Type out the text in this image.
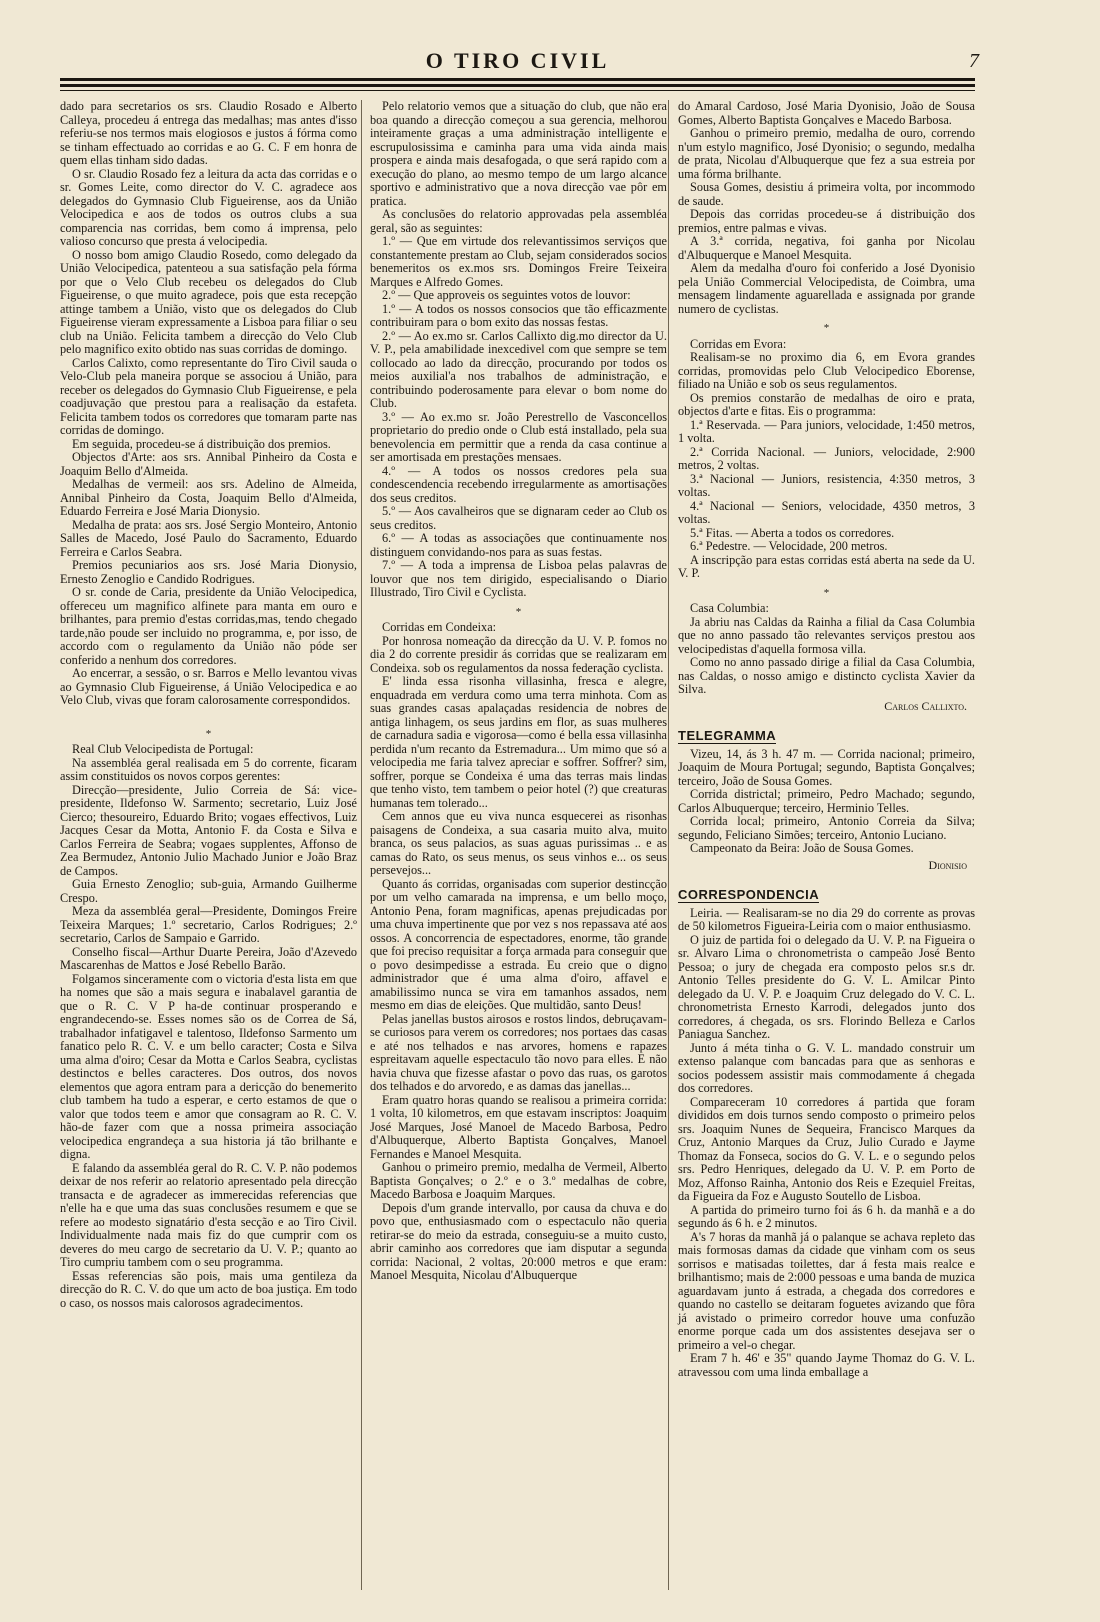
O TIRO CIVIL	7

dado para secretarios os srs. Claudio Rosado e Alberto Calleya, procedeu á entrega das medalhas; mas antes d'isso referiu-se nos termos mais elogiosos e justos á fórma como se tinham effectuado ao corridas e ao G. C. F em honra de quem ellas tinham sido dadas.

O sr. Claudio Rosado fez a leitura da acta das corridas e o sr. Gomes Leite, como director do V. C. agradece aos delegados do Gymnasio Club Figueirense, aos da União Velocipedica e aos de todos os outros clubs a sua comparencia nas corridas, bem como á imprensa, pelo valioso concurso que presta á velocipedia.

O nosso bom amigo Claudio Rosedo, como delegado da União Velocipedica, patenteou a sua satisfação pela fórma por que o Velo Club recebeu os delegados do Club Figueirense, o que muito agradece, pois que esta recepção attinge tambem a União, visto que os delegados do Club Figueirense vieram expressamente a Lisboa para filiar o seu club na União. Felicita tambem a direcção do Velo Club pelo magnifico exito obtido nas suas corridas de domingo.

Carlos Calixto, como representante do Tiro Civil sauda o Velo-Club pela maneira porque se associou á União, para receber os delegados do Gymnasio Club Figueirense, e pela coadjuvação que prestou para a realisação da estafeta. Felicita tambem todos os corredores que tomaram parte nas corridas de domingo.

Em seguida, procedeu-se á distribuição dos premios.

Objectos d'Arte: aos srs. Annibal Pinheiro da Costa e Joaquim Bello d'Almeida.

Medalhas de vermeil: aos srs. Adelino de Almeida, Annibal Pinheiro da Costa, Joaquim Bello d'Almeida, Eduardo Ferreira e José Maria Dionysio.

Medalha de prata: aos srs. José Sergio Monteiro, Antonio Salles de Macedo, José Paulo do Sacramento, Eduardo Ferreira e Carlos Seabra.

Premios pecuniarios aos srs. José Maria Dionysio, Ernesto Zenoglio e Candido Rodrigues.

O sr. conde de Caria, presidente da União Velocipedica, offereceu um magnifico alfinete para manta em ouro e brilhantes, para premio d'estas corridas,mas, tendo chegado tarde,não poude ser incluido no programma, e, por isso, de accordo com o regulamento da União não póde ser conferido a nenhum dos corredores.

Ao encerrar, a sessão, o sr. Barros e Mello levantou vivas ao Gymnasio Club Figueirense, á União Velocipedica e ao Velo Club, vivas que foram calorosamente correspondidos.

*

Real Club Velocipedista de Portugal:

Na assembléa geral realisada em 5 do corrente, ficaram assim constituidos os novos corpos gerentes:

Direcção—presidente, Julio Correia de Sá: vice-presidente, Ildefonso W. Sarmento; secretario, Luiz José Cierco; thesoureiro, Eduardo Brito; vogaes effectivos, Luiz Jacques Cesar da Motta, Antonio F. da Costa e Silva e Carlos Ferreira de Seabra; vogaes supplentes, Affonso de Zea Bermudez, Antonio Julio Machado Junior e João Braz de Campos.

Guia Ernesto Zenoglio; sub-guia, Armando Guilherme Crespo.

Meza da assembléa geral—Presidente, Domingos Freire Teixeira Marques; 1.º secretario, Carlos Rodrigues; 2.º secretario, Carlos de Sampaio e Garrido.

Conselho fiscal—Arthur Duarte Pereira, João d'Azevedo Mascarenhas de Mattos e José Rebello Barão.

Folgamos sinceramente com o victoria d'esta lista em que ha nomes que são a mais segura e inabalavel garantia de que o R. C. V P ha-de continuar prosperando e engrandecendo-se. Esses nomes são os de Correa de Sá, trabalhador infatigavel e talentoso, Ildefonso Sarmento um fanatico pelo R. C. V. e um bello caracter; Costa e Silva uma alma d'oiro; Cesar da Motta e Carlos Seabra, cyclistas destinctos e belles caracteres. Dos outros, dos novos elementos que agora entram para a dericção do benemerito club tambem ha tudo a esperar, e certo estamos de que o valor que todos teem e amor que consagram ao R. C. V. hão-de fazer com que a nossa primeira associação velocipedica engrandeça a sua historia já tão brilhante e digna.

E falando da assembléa geral do R. C. V. P. não podemos deixar de nos referir ao relatorio apresentado pela direcção transacta e de agradecer as immerecidas referencias que n'elle ha e que uma das suas conclusões resumem e que se refere ao modesto signatário d'esta secção e ao Tiro Civil. Individualmente nada mais fiz do que cumprir com os deveres do meu cargo de secretario da U. V. P.; quanto ao Tiro cumpriu tambem com o seu programma.

Essas referencias são pois, mais uma gentileza da direcção do R. C. V. do que um acto de boa justiça. Em todo o caso, os nossos mais calorosos agradecimentos.

Pelo relatorio vemos que a situação do club, que não era boa quando a direcção começou a sua gerencia, melhorou inteiramente graças a uma administração intelligente e escrupulosissima e caminha para uma vida ainda mais prospera e ainda mais desafogada, o que será rapido com a execução do plano, ao mesmo tempo de um largo alcance sportivo e administrativo que a nova direcção vae pôr em pratica.

As conclusões do relatorio approvadas pela assembléa geral, são as seguintes:

1.º — Que em virtude dos relevantissimos serviços que constantemente prestam ao Club, sejam considerados socios benemeritos os ex.mos srs. Domingos Freire Teixeira Marques e Alfredo Gomes.

2.º — Que approveis os seguintes votos de louvor:

1.º — A todos os nossos consocios que tão efficazmente contribuiram para o bom exito das nossas festas.

2.º — Ao ex.mo sr. Carlos Callixto dig.mo director da U. V. P., pela amabilidade inexcedivel com que sempre se tem collocado ao lado da direcção, procurando por todos os meios auxilial'a nos trabalhos de administração, e contribuindo poderosamente para elevar o bom nome do Club.

3.º — Ao ex.mo sr. João Perestrello de Vasconcellos proprietario do predio onde o Club está installado, pela sua benevolencia em permittir que a renda da casa continue a ser amortisada em prestações mensaes.

4.º — A todos os nossos credores pela sua condescendencia recebendo irregularmente as amortisações dos seus creditos.

5.º — Aos cavalheiros que se dignaram ceder ao Club os seus creditos.

6.º — A todas as associações que continuamente nos distinguem convidando-nos para as suas festas.

7.º — A toda a imprensa de Lisboa pelas palavras de louvor que nos tem dirigido, especialisando o Diario Illustrado, Tiro Civil e Cyclista.

*

Corridas em Condeixa:

Por honrosa nomeação da direcção da U. V. P. fomos no dia 2 do corrente presidir ás corridas que se realizaram em Condeixa. sob os regulamentos da nossa federação cyclista.

E' linda essa risonha villasinha, fresca e alegre, enquadrada em verdura como uma terra minhota. Com as suas grandes casas apalaçadas residencia de nobres de antiga linhagem, os seus jardins em flor, as suas mulheres de carnadura sadia e vigorosa—como é bella essa villasinha perdida n'um recanto da Estremadura... Um mimo que só a velocipedia me faria talvez apreciar e soffrer. Soffrer? sim, soffrer, porque se Condeixa é uma das terras mais lindas que tenho visto, tem tambem o peior hotel (?) que creaturas humanas tem tolerado...

Cem annos que eu viva nunca esquecerei as risonhas paisagens de Condeixa, a sua casaria muito alva, muito branca, os seus palacios, as suas aguas purissimas .. e as camas do Rato, os seus menus, os seus vinhos e... os seus persevejos...

Quanto ás corridas, organisadas com superior destincção por um velho camarada na imprensa, e um bello moço, Antonio Pena, foram magnificas, apenas prejudicadas por uma chuva impertinente que por vez s nos repassava até aos ossos. A concorrencia de espectadores, enorme, tão grande que foi preciso requisitar a força armada para conseguir que o povo desimpedisse a estrada. Eu creio que o digno administrador que é uma alma d'oiro, affavel e amabilissimo nunca se vira em tamanhos assados, nem mesmo em dias de eleições. Que multidão, santo Deus!

Pelas janellas bustos airosos e rostos lindos, debruçavam-se curiosos para verem os corredores; nos portaes das casas e até nos telhados e nas arvores, homens e rapazes espreitavam aquelle espectaculo tão novo para elles. E não havia chuva que fizesse afastar o povo das ruas, os garotos dos telhados e do arvoredo, e as damas das janellas...

Eram quatro horas quando se realisou a primeira corrida: 1 volta, 10 kilometros, em que estavam inscriptos: Joaquim José Marques, José Manoel de Macedo Barbosa, Pedro d'Albuquerque, Alberto Baptista Gonçalves, Manoel Fernandes e Manoel Mesquita.

Ganhou o primeiro premio, medalha de Vermeil, Alberto Baptista Gonçalves; o 2.º e o 3.º medalhas de cobre, Macedo Barbosa e Joaquim Marques.

Depois d'um grande intervallo, por causa da chuva e do povo que, enthusiasmado com o espectaculo não queria retirar-se do meio da estrada, conseguiu-se a muito custo, abrir caminho aos corredores que iam disputar a segunda corrida: Nacional, 2 voltas, 20:000 metros e que eram: Manoel Mesquita, Nicolau d'Albuquerque

do Amaral Cardoso, José Maria Dyonisio, João de Sousa Gomes, Alberto Baptista Gonçalves e Macedo Barbosa.

Ganhou o primeiro premio, medalha de ouro, correndo n'um estylo magnifico, José Dyonisio; o segundo, medalha de prata, Nicolau d'Albuquerque que fez a sua estreia por uma fórma brilhante.

Sousa Gomes, desistiu á primeira volta, por incommodo de saude.

Depois das corridas procedeu-se á distribuição dos premios, entre palmas e vivas.

A 3.ª corrida, negativa, foi ganha por Nicolau d'Albuquerque e Manoel Mesquita.

Alem da medalha d'ouro foi conferido a José Dyonisio pela União Commercial Velocipedista, de Coimbra, uma mensagem lindamente aguarellada e assignada por grande numero de cyclistas.

*

Corridas em Evora:

Realisam-se no proximo dia 6, em Evora grandes corridas, promovidas pelo Club Velocipedico Eborense, filiado na União e sob os seus regulamentos.

Os premios constarão de medalhas de oiro e prata, objectos d'arte e fitas. Eis o programma:

1.ª Reservada. — Para juniors, velocidade, 1:450 metros, 1 volta.

2.ª Corrida Nacional. — Juniors, velocidade, 2:900 metros, 2 voltas.

3.ª Nacional — Juniors, resistencia, 4:350 metros, 3 voltas.

4.ª Nacional — Seniors, velocidade, 4350 metros, 3 voltas.

5.ª Fitas. — Aberta a todos os corredores.

6.ª Pedestre. — Velocidade, 200 metros.

A inscripção para estas corridas está aberta na sede da U. V. P.

*

Casa Columbia:

Ja abriu nas Caldas da Rainha a filial da Casa Columbia que no anno passado tão relevantes serviços prestou aos velocipedistas d'aquella formosa villa.

Como no anno passado dirige a filial da Casa Columbia, nas Caldas, o nosso amigo e distincto cyclista Xavier da Silva.

Carlos Callixto.
TELEGRAMMA

Vizeu, 14, ás 3 h. 47 m. — Corrida nacional; primeiro, Joaquim de Moura Portugal; segundo, Baptista Gonçalves; terceiro, João de Sousa Gomes.

Corrida districtal; primeiro, Pedro Machado; segundo, Carlos Albuquerque; terceiro, Herminio Telles.

Corrida local; primeiro, Antonio Correia da Silva; segundo, Feliciano Simões; terceiro, Antonio Luciano.

Campeonato da Beira: João de Sousa Gomes.

Dionisio
CORRESPONDENCIA

Leiria. — Realisaram-se no dia 29 do corrente as provas de 50 kilometros Figueira-Leiria com o maior enthusiasmo.

O juiz de partida foi o delegado da U. V. P. na Figueira o sr. Alvaro Lima o chronometrista o campeão José Bento Pessoa; o jury de chegada era composto pelos sr.s dr. Antonio Telles presidente do G. V. L. Amilcar Pinto delegado da U. V. P. e Joaquim Cruz delegado do V. C. L. chronometrista Ernesto Karrodi, delegados junto dos corredores, á chegada, os srs. Florindo Belleza e Carlos Paniagua Sanchez.

Junto á méta tinha o G. V. L. mandado construir um extenso palanque com bancadas para que as senhoras e socios podessem assistir mais commodamente á chegada dos corredores.

Compareceram 10 corredores á partida que foram divididos em dois turnos sendo composto o primeiro pelos srs. Joaquim Nunes de Sequeira, Francisco Marques da Cruz, Antonio Marques da Cruz, Julio Curado e Jayme Thomaz da Fonseca, socios do G. V. L. e o segundo pelos srs. Pedro Henriques, delegado da U. V. P. em Porto de Moz, Affonso Rainha, Antonio dos Reis e Ezequiel Freitas, da Figueira da Foz e Augusto Soutello de Lisboa.

A partida do primeiro turno foi ás 6 h. da manhã e a do segundo ás 6 h. e 2 minutos.

A's 7 horas da manhã já o palanque se achava repleto das mais formosas damas da cidade que vinham com os seus sorrisos e matisadas toilettes, dar á festa mais realce e brilhantismo; mais de 2:000 pessoas e uma banda de muzica aguardavam junto á estrada, a chegada dos corredores e quando no castello se deitaram foguetes avizando que fôra já avistado o primeiro corredor houve uma confuzão enorme porque cada um dos assistentes desejava ser o primeiro a vel-o chegar.

Eram 7 h. 46' e 35" quando Jayme Thomaz do G. V. L. atravessou com uma linda emballage a
